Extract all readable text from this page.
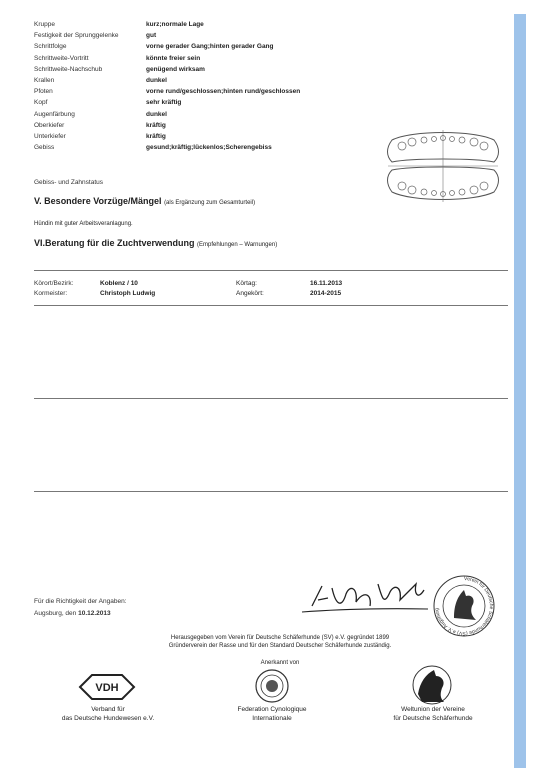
Kruppe	kurz;normale Lage
Festigkeit der Sprunggelenke	gut
Schrittfolge	vorne gerader Gang;hinten gerader Gang
Schrittweite-Vortritt	könnte freier sein
Schrittweite-Nachschub	genügend wirksam
Krallen	dunkel
Pfoten	vorne rund/geschlossen;hinten rund/geschlossen
Kopf	sehr kräftig
Augenfärbung	dunkel
Oberkiefer	kräftig
Unterkiefer	kräftig
Gebiss	gesund;kräftig;lückenlos;Scherengebiss
Gebiss- und Zahnstatus
V. Besondere Vorzüge/Mängel (als Ergänzung zum Gesamturteil)
Hündin mit guter Arbeitsveranlagung.
VI.Beratung für die Zuchtverwendung (Empfehlungen – Warnungen)
Körort/Bezirk:	Koblenz / 10	Körtag:	16.11.2013
Kormeister:	Christoph Ludwig	Angekört:	2014-2015
Für die Richtigkeit der Angaben:
Augsburg, den 10.12.2013
Verein für Deutsche Schäferhunde (SV) e.V. Augsburg
Herausgegeben vom Verein für Deutsche Schäferhunde (SV) e.V. gegründet 1899
Gründerverein der Rasse und für den Standard Deutscher Schäferhunde zuständig.
Anerkannt von
VDH
Verband für
das Deutsche Hundewesen e.V.
Federation Cynologique
Internationale
Weltunion der Vereine
für Deutsche Schäferhunde
